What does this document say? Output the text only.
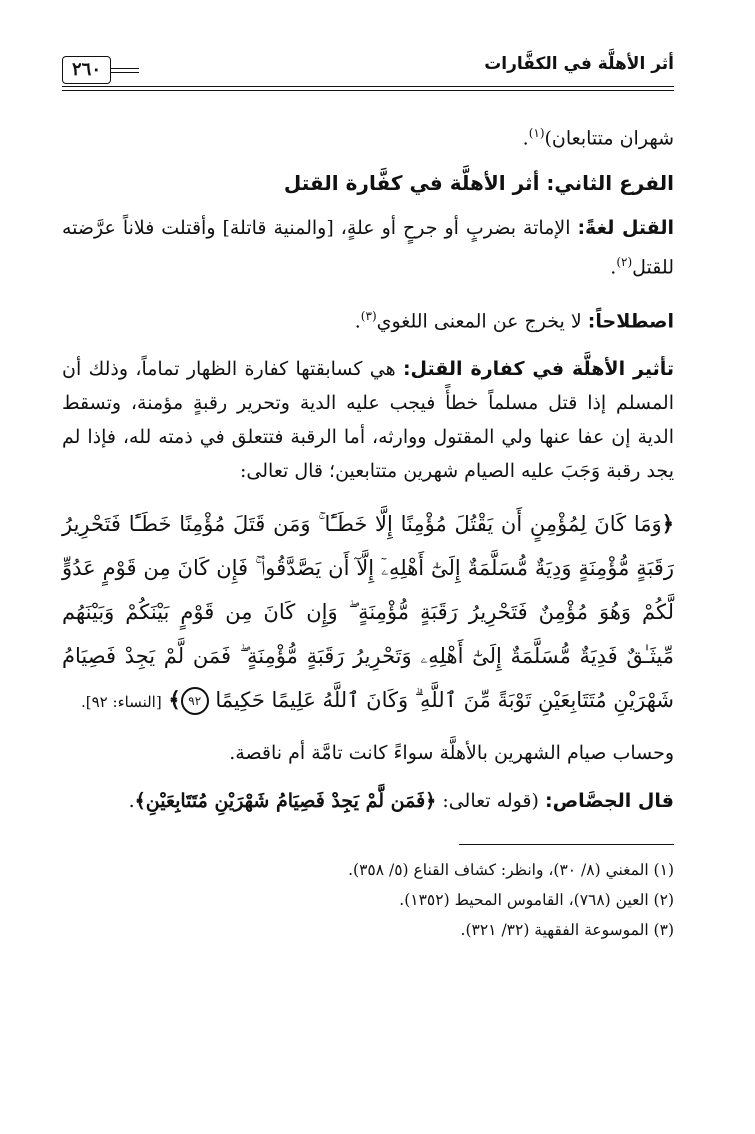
أثر الأهلَّة في الكفَّارات
٢٦٠

شهران متتابعان)$^{(١)}$.

الفرع الثاني: أثر الأهلَّة في كفَّارة القتل

القتل لغةً: الإماتة بضربٍ أو جرحٍ أو علةٍ، [والمنية قاتلة] وأقتلت فلاناً عرَّضته للقتل$^{(٢)}$.

اصطلاحاً: لا يخرج عن المعنى اللغوي$^{(٣)}$.

تأثير الأهلَّة في كفارة القتل: هي كسابقتها كفارة الظهار تماماً، وذلك أن المسلم إذا قتل مسلماً خطأً فيجب عليه الدية وتحرير رقبةٍ مؤمنة، وتسقط الدية إن عفا عنها ولي المقتول ووارثه، أما الرقبة فتتعلق في ذمته لله، فإذا لم يجد رقبة وَجَبَ عليه الصيام شهرين متتابعين؛ قال تعالى:

﴿وَمَا كَانَ لِمُؤْمِنٍ أَن يَقْتُلَ مُؤْمِنًا إِلَّا خَطَـًٔا ۚ وَمَن قَتَلَ مُؤْمِنًا خَطَـًٔا فَتَحْرِيرُ رَقَبَةٍ مُّؤْمِنَةٍ وَدِيَةٌ مُّسَلَّمَةٌ إِلَىٰٓ أَهْلِهِۦٓ إِلَّآ أَن يَصَّدَّقُوا۟ ۚ فَإِن كَانَ مِن قَوْمٍ عَدُوٍّ لَّكُمْ وَهُوَ مُؤْمِنٌ فَتَحْرِيرُ رَقَبَةٍ مُّؤْمِنَةٍ ۖ وَإِن كَانَ مِن قَوْمٍ بَيْنَكُمْ وَبَيْنَهُم مِّيثَـٰقٌ فَدِيَةٌ مُّسَلَّمَةٌ إِلَىٰٓ أَهْلِهِۦ وَتَحْرِيرُ رَقَبَةٍ مُّؤْمِنَةٍ ۖ فَمَن لَّمْ يَجِدْ فَصِيَامُ شَهْرَيْنِ مُتَتَابِعَيْنِ تَوْبَةً مِّنَ ٱللَّهِ ۗ وَكَانَ ٱللَّهُ عَلِيمًا حَكِيمًا ٩٢﴾ [النساء: ٩٢].

وحساب صيام الشهرين بالأهلَّة سواءً كانت تامَّة أم ناقصة.

قال الجصَّاص: (قوله تعالى: ﴿فَمَن لَّمْ يَجِدْ فَصِيَامُ شَهْرَيْنِ مُتَتَابِعَيْنِ﴾.

(١) المغني (٨/ ٣٠)، وانظر: كشاف القناع (٥/ ٣٥٨).

(٢) العين (٧٦٨)، القاموس المحيط (١٣٥٢).

(٣) الموسوعة الفقهية (٣٢/ ٣٢١).
